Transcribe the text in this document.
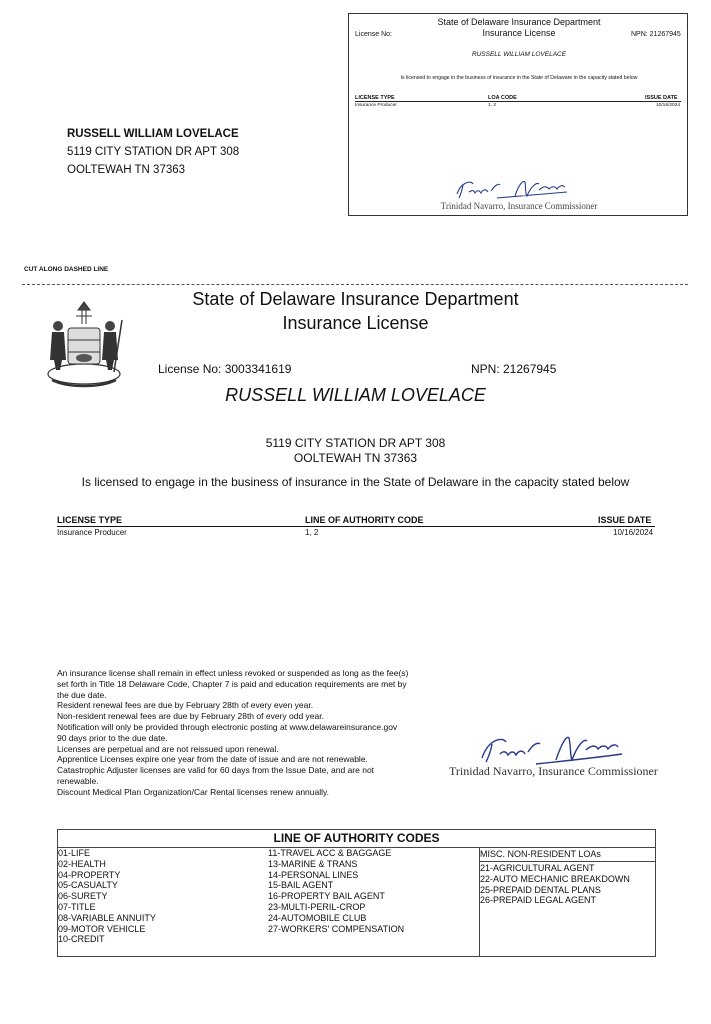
State of Delaware Insurance Department
Insurance License
License No:	NPN: 21267945
RUSSELL WILLIAM LOVELACE
Is licensed to engage in the business of insurance in the State of Delaware in the capacity stated below
LICENSE TYPE	LOA CODE	ISSUE DATE
Insurance Producer	1, 2	10/16/2024
Trinidad Navarro, Insurance Commissioner
RUSSELL WILLIAM LOVELACE
5119 CITY STATION DR APT 308
OOLTEWAH TN 37363
CUT ALONG DASHED LINE
State of Delaware Insurance Department
Insurance License
License No: 3003341619	NPN: 21267945
RUSSELL WILLIAM LOVELACE
5119 CITY STATION DR APT 308
OOLTEWAH TN 37363
Is licensed to engage in the business of insurance in the State of Delaware in the capacity stated below
LICENSE TYPE	LINE OF AUTHORITY CODE	ISSUE DATE
Insurance Producer	1, 2	10/16/2024
An insurance license shall remain in effect unless revoked or suspended as long as the fee(s)
set forth in Title 18 Delaware Code, Chapter 7 is paid and education requirements are met by
the due date.
Resident renewal fees are due by February 28th of every even year.
Non-resident renewal fees are due by February 28th of every odd year.
Notification will only be provided through electronic posting at www.delawareinsurance.gov
90 days prior to the due date.
Licenses are perpetual and are not reissued upon renewal.
Apprentice Licenses expire one year from the date of issue and are not renewable.
Catastrophic Adjuster licenses are valid for 60 days from the Issue Date, and are not
renewable.
Discount Medical Plan Organization/Car Rental licenses renew annually.
Trinidad Navarro, Insurance Commissioner
LINE OF AUTHORITY CODES
01-LIFE
02-HEALTH
04-PROPERTY
05-CASUALTY
06-SURETY
07-TITLE
08-VARIABLE ANNUITY
09-MOTOR VEHICLE
10-CREDIT
11-TRAVEL ACC & BAGGAGE
13-MARINE & TRANS
14-PERSONAL LINES
15-BAIL AGENT
16-PROPERTY BAIL AGENT
23-MULTI-PERIL-CROP
24-AUTOMOBILE CLUB
27-WORKERS' COMPENSATION
MISC. NON-RESIDENT LOAs
21-AGRICULTURAL AGENT
22-AUTO MECHANIC BREAKDOWN
25-PREPAID DENTAL PLANS
26-PREPAID LEGAL AGENT
